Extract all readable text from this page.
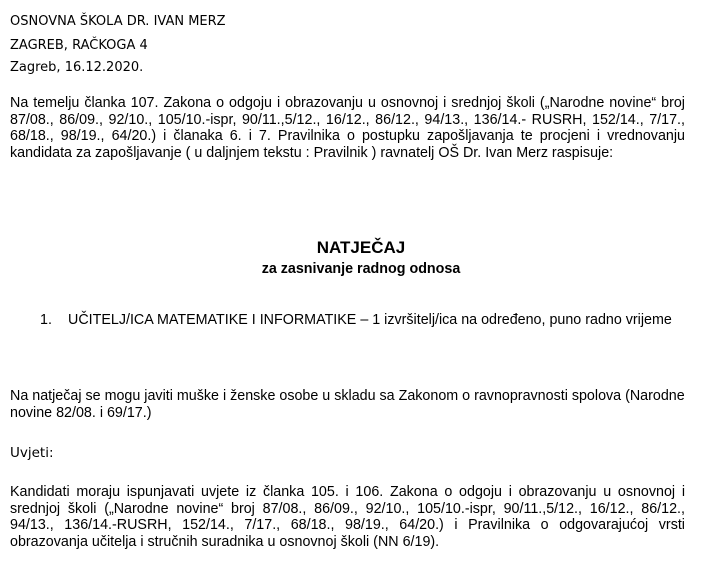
OSNOVNA ŠKOLA DR. IVAN MERZ
ZAGREB, RAČKOGA 4
Zagreb, 16.12.2020.
Na temelju članka 107. Zakona o odgoju i obrazovanju u osnovnoj i srednjoj školi („Narodne novine“ broj 87/08., 86/09., 92/10., 105/10.-ispr, 90/11.,5/12., 16/12., 86/12., 94/13., 136/14.- RUSRH, 152/14., 7/17., 68/18., 98/19., 64/20.) i članaka 6. i 7. Pravilnika o postupku zapošljavanja te procjeni i vrednovanju kandidata za zapošljavanje ( u daljnjem tekstu : Pravilnik ) ravnatelj OŠ Dr. Ivan Merz raspisuje:
NATJEČAJ
za zasnivanje radnog odnosa
1. UČITELJ/ICA MATEMATIKE I INFORMATIKE – 1 izvršitelj/ica na određeno, puno radno vrijeme
Na natječaj se mogu javiti muške i ženske osobe u skladu sa Zakonom o ravnopravnosti spolova (Narodne novine 82/08. i 69/17.)
Uvjeti:
Kandidati moraju ispunjavati uvjete iz članka 105. i 106. Zakona o odgoju i obrazovanju u osnovnoj i srednjoj školi („Narodne novine“ broj 87/08., 86/09., 92/10., 105/10.-ispr, 90/11.,5/12., 16/12., 86/12., 94/13., 136/14.-RUSRH, 152/14., 7/17., 68/18., 98/19., 64/20.) i Pravilnika o odgovarajućoj vrsti obrazovanja učitelja i stručnih suradnika u osnovnoj školi (NN 6/19).
